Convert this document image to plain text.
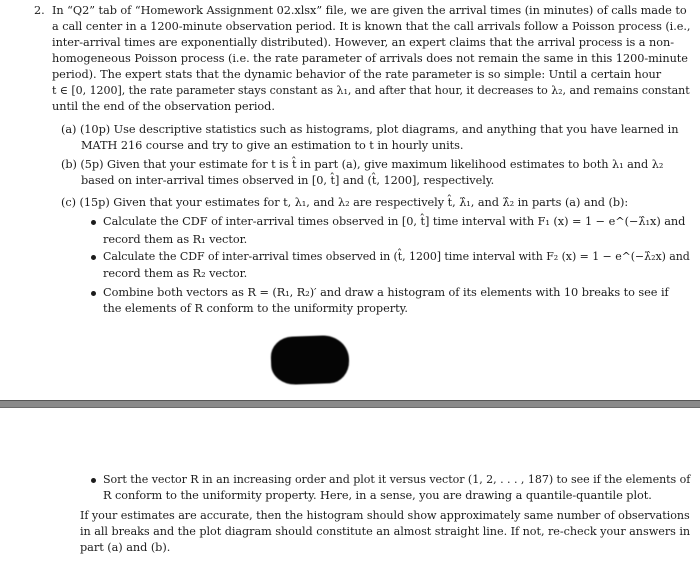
2. In “Q2” tab of “Homework Assignment 02.xlsx” file, we are given the arrival times (in minutes) of calls made to
a call center in a 1200-minute observation period. It is known that the call arrivals follow a Poisson process (i.e.,
inter-arrival times are exponentially distributed). However, an expert claims that the arrival process is a non-
homogeneous Poisson process (i.e. the rate parameter of arrivals does not remain the same in this 1200-minute
period). The expert stats that the dynamic behavior of the rate parameter is so simple: Until a certain hour
t ∈ [0, 1200], the rate parameter stays constant as λ₁, and after that hour, it decreases to λ₂, and remains constant
until the end of the observation period.
(a) (10p) Use descriptive statistics such as histograms, plot diagrams, and anything that you have learned in
MATH 216 course and try to give an estimation to t in hourly units.
(b) (5p) Given that your estimate for t is t̂ in part (a), give maximum likelihood estimates to both λ₁ and λ₂
based on inter-arrival times observed in [0, t̂] and (t̂, 1200], respectively.
(c) (15p) Given that your estimates for t, λ₁, and λ₂ are respectively t̂, λ̂₁, and λ̂₂ in parts (a) and (b):
Calculate the CDF of inter-arrival times observed in [0, t̂] time interval with F₁ (x) = 1 − e^(−λ̂₁x) and
record them as R₁ vector.
Calculate the CDF of inter-arrival times observed in (t̂, 1200] time interval with F₂ (x) = 1 − e^(−λ̂₂x) and
record them as R₂ vector.
Combine both vectors as R = (R₁, R₂)′ and draw a histogram of its elements with 10 breaks to see if
the elements of R conform to the uniformity property.
Sort the vector R in an increasing order and plot it versus vector (1, 2, . . . , 187) to see if the elements of
R conform to the uniformity property. Here, in a sense, you are drawing a quantile-quantile plot.
If your estimates are accurate, then the histogram should show approximately same number of observations
in all breaks and the plot diagram should constitute an almost straight line. If not, re-check your answers in
part (a) and (b).
